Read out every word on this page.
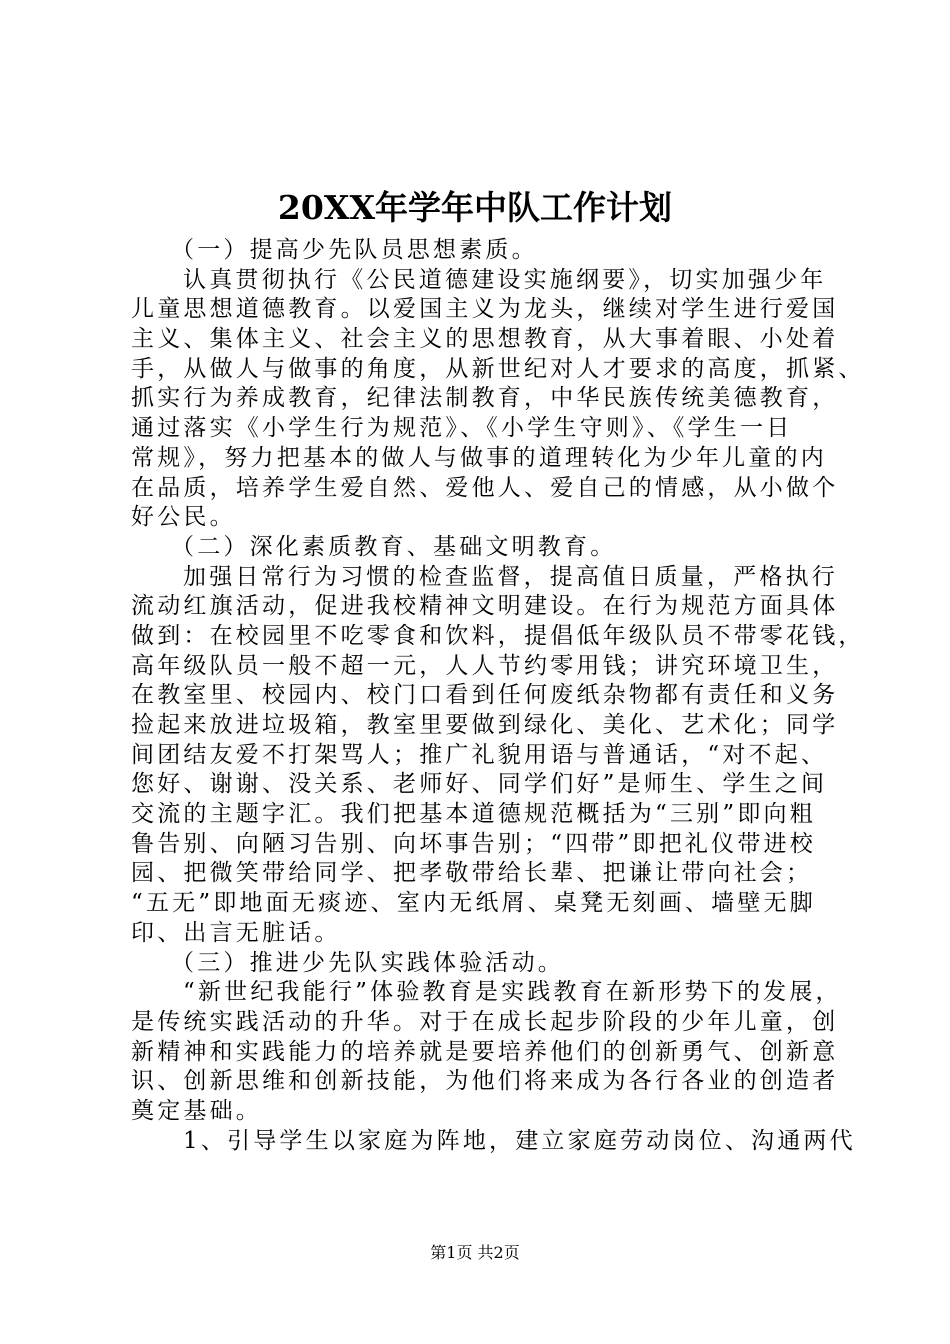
20XX年学年中队工作计划
（一）提高少先队员思想素质。
认真贯彻执行《公民道德建设实施纲要》，切实加强少年
儿童思想道德教育。以爱国主义为龙头，继续对学生进行爱国
主义、集体主义、社会主义的思想教育，从大事着眼、小处着
手，从做人与做事的角度，从新世纪对人才要求的高度，抓紧、
抓实行为养成教育，纪律法制教育，中华民族传统美德教育，
通过落实《小学生行为规范》、《小学生守则》、《学生一日
常规》，努力把基本的做人与做事的道理转化为少年儿童的内
在品质，培养学生爱自然、爱他人、爱自己的情感，从小做个
好公民。
（二）深化素质教育、基础文明教育。
加强日常行为习惯的检查监督，提高值日质量，严格执行
流动红旗活动，促进我校精神文明建设。在行为规范方面具体
做到：在校园里不吃零食和饮料，提倡低年级队员不带零花钱，
高年级队员一般不超一元，人人节约零用钱；讲究环境卫生，
在教室里、校园内、校门口看到任何废纸杂物都有责任和义务
捡起来放进垃圾箱，教室里要做到绿化、美化、艺术化；同学
间团结友爱不打架骂人；推广礼貌用语与普通话，“对不起、
您好、谢谢、没关系、老师好、同学们好”是师生、学生之间
交流的主题字汇。我们把基本道德规范概括为“三别”即向粗
鲁告别、向陋习告别、向坏事告别；“四带”即把礼仪带进校
园、把微笑带给同学、把孝敬带给长辈、把谦让带向社会；
“五无”即地面无痰迹、室内无纸屑、桌凳无刻画、墙壁无脚
印、出言无脏话。
（三）推进少先队实践体验活动。
“新世纪我能行”体验教育是实践教育在新形势下的发展，
是传统实践活动的升华。对于在成长起步阶段的少年儿童，创
新精神和实践能力的培养就是要培养他们的创新勇气、创新意
识、创新思维和创新技能，为他们将来成为各行各业的创造者
奠定基础。
1、引导学生以家庭为阵地，建立家庭劳动岗位、沟通两代
第1页 共2页
